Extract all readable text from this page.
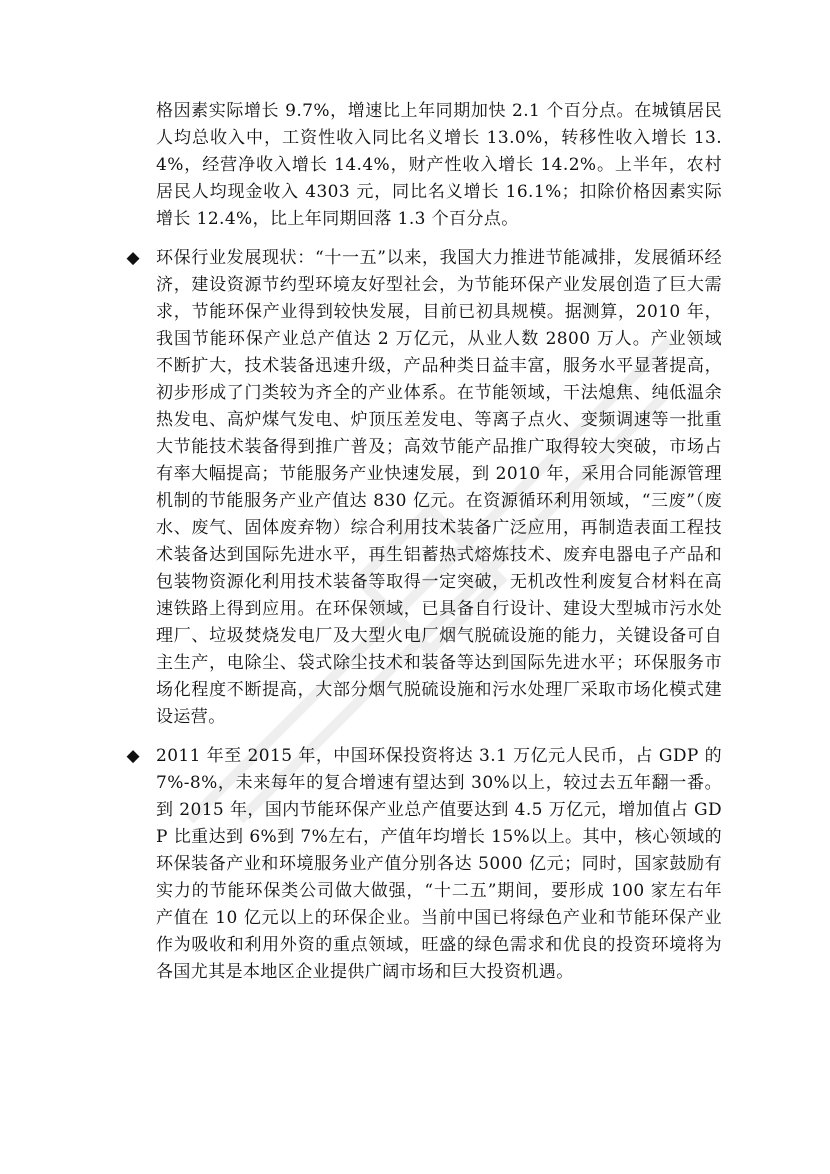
格因素实际增长 9.7%，增速比上年同期加快 2.1 个百分点。在城镇居民人均总收入中，工资性收入同比名义增长 13.0%，转移性收入增长 13.4%，经营净收入增长 14.4%，财产性收入增长 14.2%。上半年，农村居民人均现金收入 4303 元，同比名义增长 16.1%；扣除价格因素实际增长 12.4%，比上年同期回落 1.3 个百分点。

◆ 环保行业发展现状：“十一五”以来，我国大力推进节能减排，发展循环经济，建设资源节约型环境友好型社会，为节能环保产业发展创造了巨大需求，节能环保产业得到较快发展，目前已初具规模。据测算，2010 年，我国节能环保产业总产值达 2 万亿元，从业人数 2800 万人。产业领域不断扩大，技术装备迅速升级，产品种类日益丰富，服务水平显著提高，初步形成了门类较为齐全的产业体系。在节能领域，干法熄焦、纯低温余热发电、高炉煤气发电、炉顶压差发电、等离子点火、变频调速等一批重大节能技术装备得到推广普及；高效节能产品推广取得较大突破，市场占有率大幅提高；节能服务产业快速发展，到 2010 年，采用合同能源管理机制的节能服务产业产值达 830 亿元。在资源循环利用领域，“三废”（废水、废气、固体废弃物）综合利用技术装备广泛应用，再制造表面工程技术装备达到国际先进水平，再生铝蓄热式熔炼技术、废弃电器电子产品和包装物资源化利用技术装备等取得一定突破，无机改性利废复合材料在高速铁路上得到应用。在环保领域，已具备自行设计、建设大型城市污水处理厂、垃圾焚烧发电厂及大型火电厂烟气脱硫设施的能力，关键设备可自主生产，电除尘、袋式除尘技术和装备等达到国际先进水平；环保服务市场化程度不断提高，大部分烟气脱硫设施和污水处理厂采取市场化模式建设运营。

◆ 2011 年至 2015 年，中国环保投资将达 3.1 万亿元人民币，占 GDP 的 7%-8%，未来每年的复合增速有望达到 30%以上，较过去五年翻一番。到 2015 年，国内节能环保产业总产值要达到 4.5 万亿元，增加值占 GDP 比重达到 6%到 7%左右，产值年均增长 15%以上。其中，核心领域的环保装备产业和环境服务业产值分别各达 5000 亿元；同时，国家鼓励有实力的节能环保类公司做大做强，“十二五”期间，要形成 100 家左右年产值在 10 亿元以上的环保企业。当前中国已将绿色产业和节能环保产业作为吸收和利用外资的重点领域，旺盛的绿色需求和优良的投资环境将为各国尤其是本地区企业提供广阔市场和巨大投资机遇。
